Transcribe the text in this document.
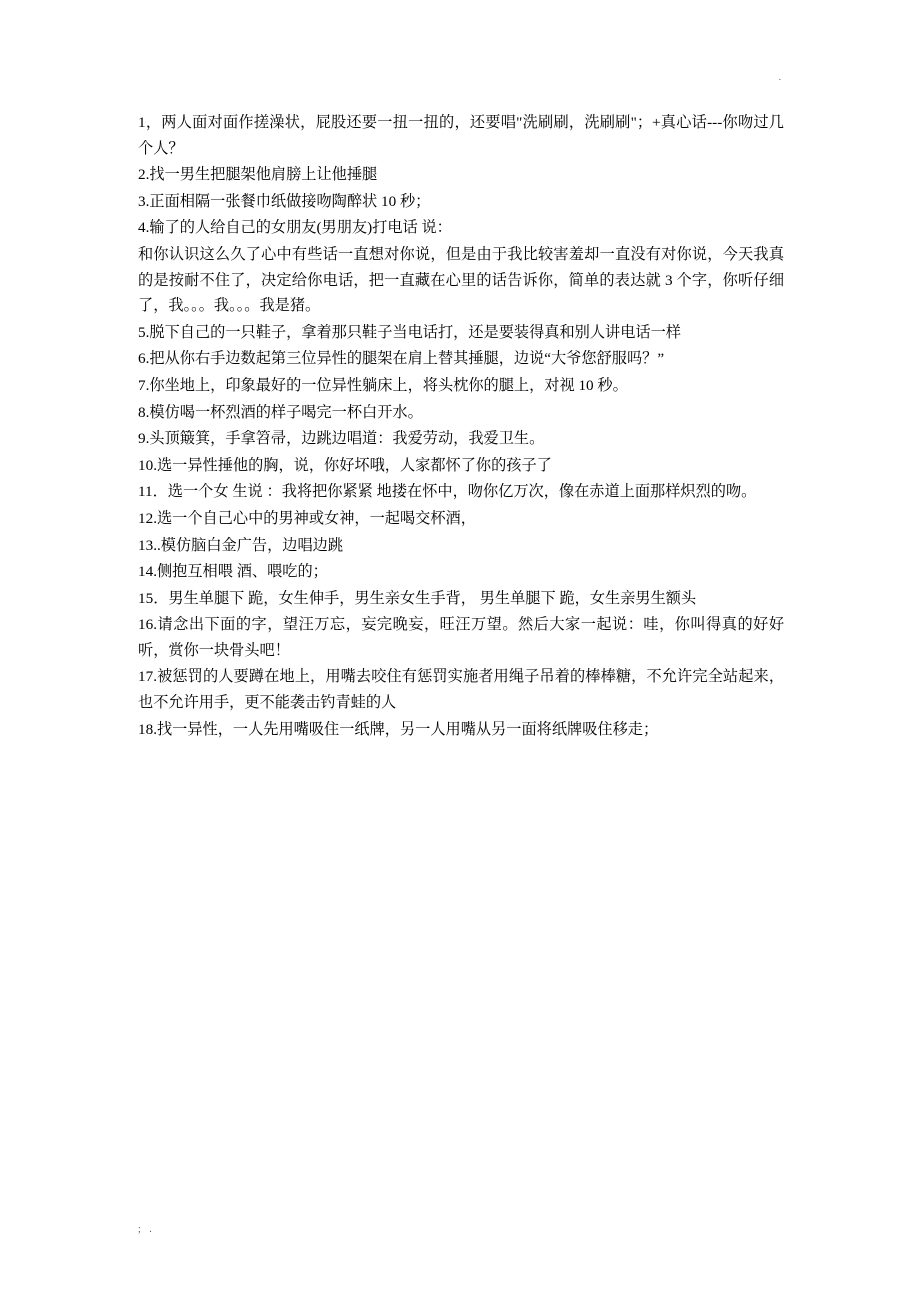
.

1，两人面对面作搓澡状，屁股还要一扭一扭的，还要唱"洗刷刷，洗刷刷"；+真心话---你吻过几个人？

2.找一男生把腿架他肩膀上让他捶腿

3.正面相隔一张餐巾纸做接吻陶醉状 10 秒；

4.输了的人给自己的女朋友(男朋友)打电话 说：

和你认识这么久了心中有些话一直想对你说，但是由于我比较害羞却一直没有对你说，今天我真的是按耐不住了，决定给你电话，把一直藏在心里的话告诉你，简单的表达就 3 个字，你听仔细了，我。。。我。。。我是猪。

5.脱下自己的一只鞋子，拿着那只鞋子当电话打，还是要装得真和别人讲电话一样

6.把从你右手边数起第三位异性的腿架在肩上替其捶腿，边说“大爷您舒服吗？”

7.你坐地上，印象最好的一位异性躺床上，将头枕你的腿上，对视 10 秒。

8.模仿喝一杯烈酒的样子喝完一杯白开水。

9.头顶簸箕，手拿笤帚，边跳边唱道：我爱劳动，我爱卫生。

10.选一异性捶他的胸，说，你好坏哦，人家都怀了你的孩子了

11．选一个女 生说 ：我将把你紧紧 地搂在怀中，吻你亿万次，像在赤道上面那样炽烈的吻。

12.选一个自己心中的男神或女神，一起喝交杯酒，

13..模仿脑白金广告，边唱边跳

14.侧抱互相喂 酒、喂吃的；

15．男生单腿下 跪，女生伸手，男生亲女生手背， 男生单腿下 跪，女生亲男生额头

16.请念出下面的字，望汪万忘，妄完晚妄，旺汪万望。然后大家一起说：哇，你叫得真的好好听，赏你一块骨头吧！

17.被惩罚的人要蹲在地上，用嘴去咬住有惩罚实施者用绳子吊着的棒棒糖，不允许完全站起来，也不允许用手，更不能袭击钓青蛙的人

18.找一异性，一人先用嘴吸住一纸牌，另一人用嘴从另一面将纸牌吸住移走；

; .
